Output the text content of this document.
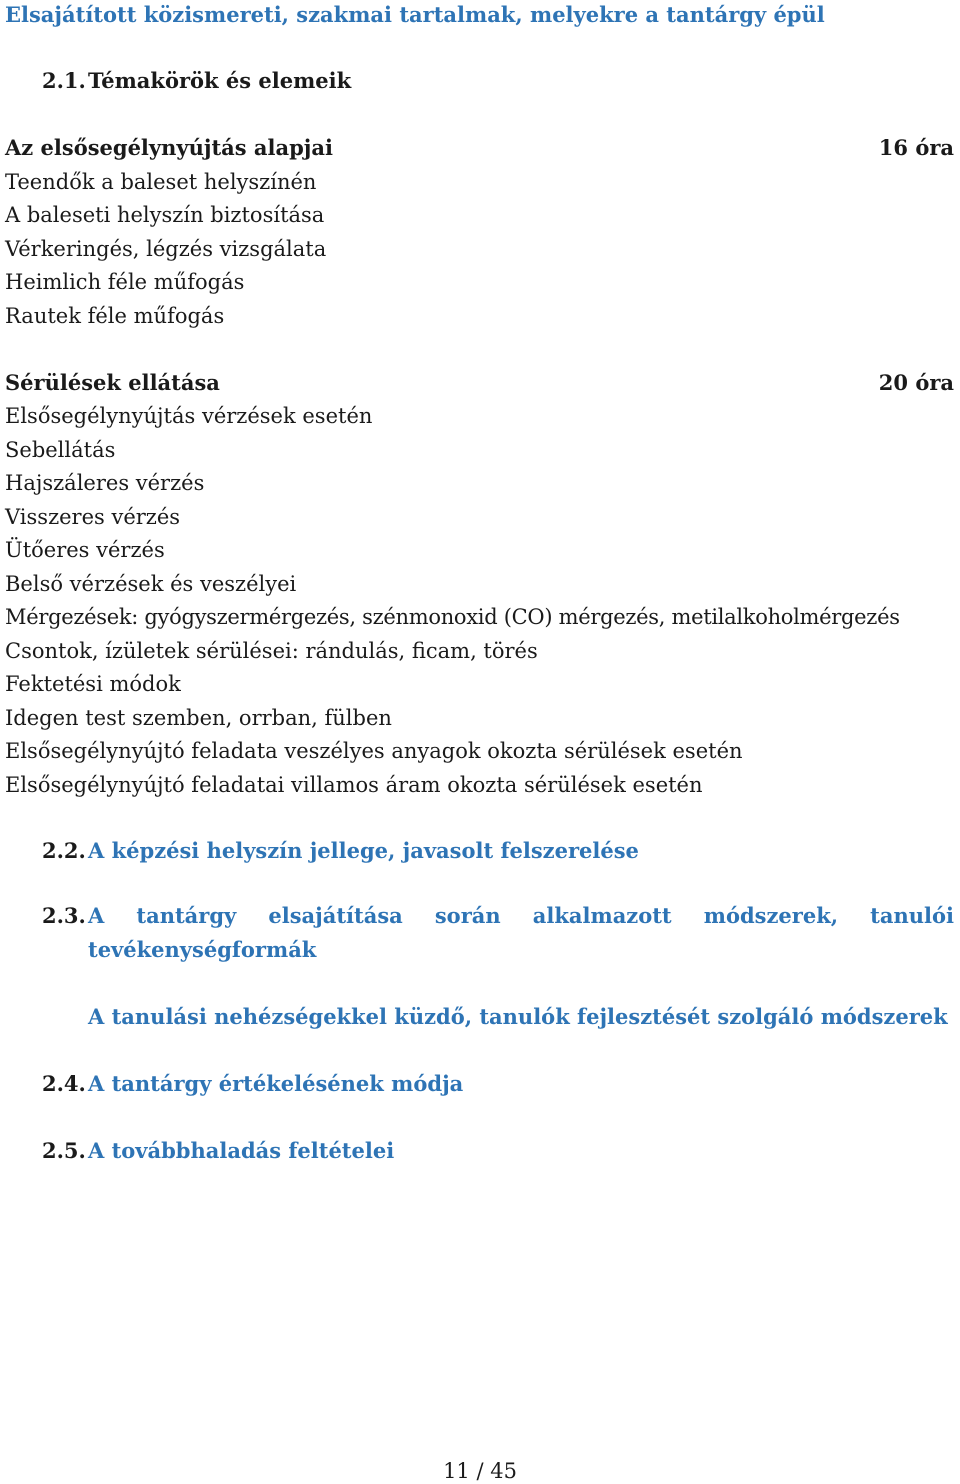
Elsajátított közismereti, szakmai tartalmak, melyekre a tantárgy épül
2.1. Témakörök és elemeik
Az elsősegélynyújtás alapjai	16 óra
Teendők a baleset helyszínén
A baleseti helyszín biztosítása
Vérkeringés, légzés vizsgálata
Heimlich féle műfogás
Rautek féle műfogás
Sérülések ellátása	20 óra
Elsősegélynyújtás vérzések esetén
Sebellátás
Hajszáleres vérzés
Visszeres vérzés
Ütőeres vérzés
Belső vérzések és veszélyei
Mérgezések: gyógyszermérgezés, szénmonoxid (CO) mérgezés, metilalkoholmérgezés
Csontok, ízületek sérülései: rándulás, ficam, törés
Fektetési módok
Idegen test szemben, orrban, fülben
Elsősegélynyújtó feladata veszélyes anyagok okozta sérülések esetén
Elsősegélynyújtó feladatai villamos áram okozta sérülések esetén
2.2. A képzési helyszín jellege, javasolt felszerelése
2.3. A tantárgy elsajátítása során alkalmazott módszerek, tanulói
tevékenységformák
A tanulási nehézségekkel küzdő, tanulók fejlesztését szolgáló módszerek
2.4. A tantárgy értékelésének módja
2.5. A továbbhaladás feltételei
11 / 45
